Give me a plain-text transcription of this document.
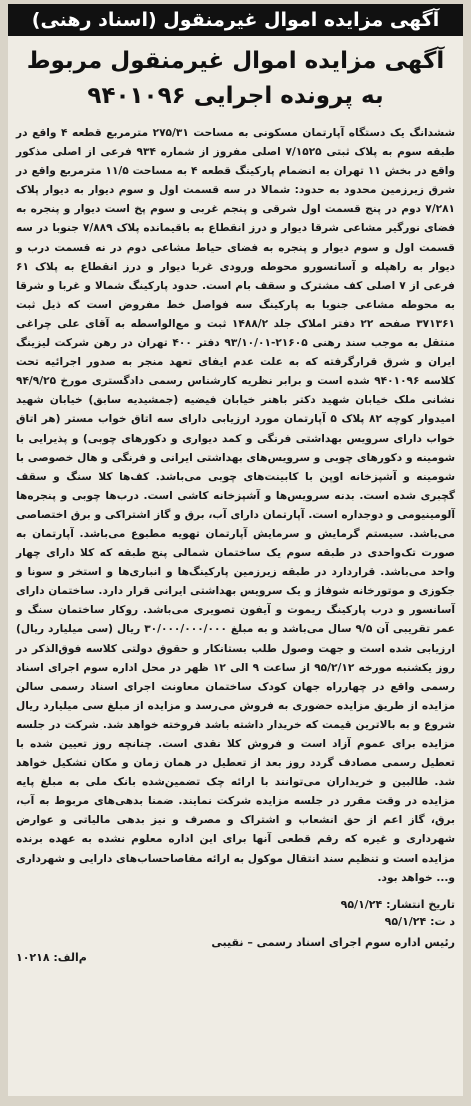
آگهی مزایده اموال غیرمنقول (اسناد رهنی)
آگهی مزایده اموال غیرمنقول مربوط به پرونده اجرایی ۹۴۰۱۰۹۶
ششدانگ یک دستگاه آپارتمان مسکونی به مساحت ۲۷۵/۳۱ مترمربع قطعه ۴ واقع در طبقه سوم به پلاک ثبتی ۷/۱۵۲۵ اصلی مفروز از شماره ۹۳۴ فرعی از اصلی مذکور واقع در بخش ۱۱ تهران به انضمام پارکینگ قطعه ۴ به مساحت ۱۱/۵ مترمربع واقع در شرق زیرزمین محدود به حدود: شمالا در سه قسمت اول و سوم دیوار به دیوار پلاک ۷/۲۸۱ دوم در پنج قسمت اول شرقی و پنجم غربی و سوم پخ است دیوار و پنجره به فضای نورگیر مشاعی شرقا دیوار و درز انقطاع به باقیمانده پلاک ۷/۸۸۹ جنوبا در سه قسمت اول و سوم دیوار و پنجره به فضای حیاط مشاعی دوم در نه قسمت درب و دیوار به راهپله و آسانسورو محوطه ورودی غربا دیوار و درز انقطاع به پلاک ۶۱ فرعی از ۷ اصلی کف مشترک و سقف بام است. حدود پارکینگ شمالا و غربا و شرقا به محوطه مشاعی جنوبا به پارکینگ سه فواصل خط مفروض است که ذیل ثبت ۳۷۱۳۶۱ صفحه ۲۲ دفتر املاک جلد ۱۴۸۸/۲ ثبت و مع‌الواسطه به آقای علی چراغی منتقل به موجب سند رهنی ۲۱۶۰۵-۹۳/۱۰/۰۱ دفتر ۴۰۰ تهران در رهن شرکت لیزینگ ایران و شرق قرارگرفته که به علت عدم ایفای تعهد منجر به صدور اجرائیه تحت کلاسه ۹۴۰۱۰۹۶ شده است و برابر نظریه کارشناس رسمی دادگستری مورخ ۹۴/۹/۲۵ نشانی ملک خیابان شهید دکتر باهنر خیابان فیضیه (جمشیدیه سابق) خیابان شهید امیدوار کوچه ۸۲ پلاک ۵ آپارتمان مورد ارزیابی دارای سه اتاق خواب مستر (هر اتاق خواب دارای سرویس بهداشتی فرنگی و کمد دیواری و دکورهای چوبی) و پذیرایی با شومینه و دکورهای چوبی و سرویس‌های بهداشتی ایرانی و فرنگی و هال خصوصی با شومینه و آشپزخانه اوپن با کابینت‌های چوبی می‌باشد. کف‌ها کلا سنگ و سقف گچبری شده است. بدنه سرویس‌ها و آشپزخانه کاشی است. درب‌ها چوبی و پنجره‌ها آلومینیومی و دوجداره است. آپارتمان دارای آب، برق و گاز اشتراکی و برق اختصاصی می‌باشد. سیستم گرمایش و سرمایش آپارتمان تهویه مطبوع می‌باشد. آپارتمان به صورت تک‌واحدی در طبقه سوم یک ساختمان شمالی پنج طبقه که کلا دارای چهار واحد می‌باشد. قراردارد در طبقه زیرزمین پارکینگ‌ها و انباری‌ها و استخر و سونا و جکوزی و موتورخانه شوفاژ و یک سرویس بهداشتی ایرانی قرار دارد. ساختمان دارای آسانسور و درب پارکینگ ریموت و آیفون تصویری می‌باشد. روکار ساختمان سنگ و عمر تقریبی آن ۹/۵ سال می‌باشد و به مبلغ ۳۰/۰۰۰/۰۰۰/۰۰۰ ریال (سی میلیارد ریال) ارزیابی شده است و جهت وصول طلب بستانکار و حقوق دولتی کلاسه فوق‌الذکر در روز یکشنبه مورخه ۹۵/۲/۱۲ از ساعت ۹ الی ۱۲ ظهر در محل اداره سوم اجرای اسناد رسمی واقع در چهارراه جهان کودک ساختمان معاونت اجرای اسناد رسمی سالن مزایده از طریق مزایده حضوری به فروش می‌رسد و مزایده از مبلغ سی میلیارد ریال شروع و به بالاترین قیمت که خریدار داشته باشد فروخته خواهد شد. شرکت در جلسه مزایده برای عموم آزاد است و فروش کلا نقدی است. چنانچه روز تعیین شده با تعطیل رسمی مصادف گردد روز بعد از تعطیل در همان زمان و مکان تشکیل خواهد شد. طالبین و خریداران می‌توانند با ارائه چک تضمین‌شده بانک ملی به مبلغ پایه مزایده در وقت مقرر در جلسه مزایده شرکت نمایند. ضمنا بدهی‌های مربوط به آب، برق، گاز اعم از حق انشعاب و اشتراک و مصرف و نیز بدهی مالیاتی و عوارض شهرداری و غیره که رقم قطعی آنها برای این اداره معلوم نشده به عهده برنده مزایده است و تنظیم سند انتقال موکول به ارائه مفاصاحساب‌های دارایی و شهرداری و... خواهد بود.
تاریخ انتشار: ۹۵/۱/۲۴
د ت: ۹۵/۱/۲۴
رئیس اداره سوم اجرای اسناد رسمی – نقیبی
م‌الف: ۱۰۲۱۸
